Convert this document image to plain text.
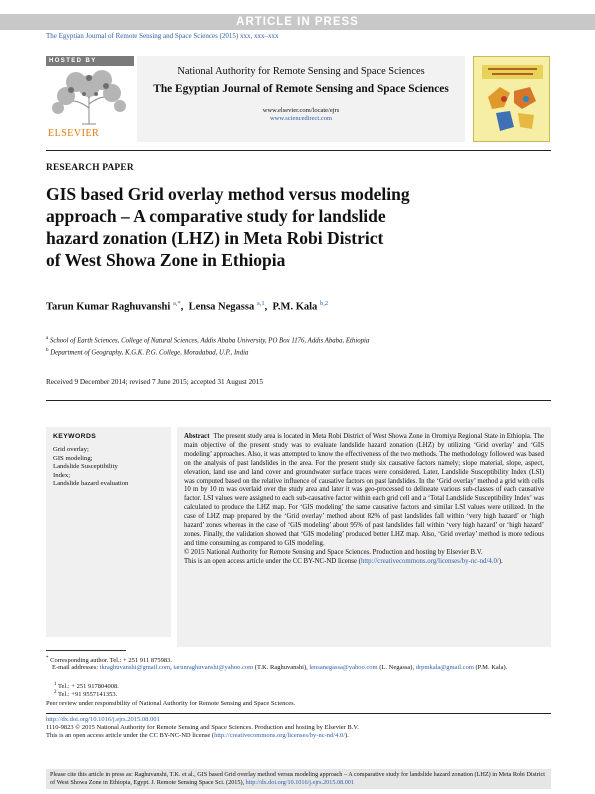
ARTICLE IN PRESS
The Egyptian Journal of Remote Sensing and Space Sciences (2015) xxx, xxx–xxx
HOSTED BY
ELSEVIER
National Authority for Remote Sensing and Space Sciences
The Egyptian Journal of Remote Sensing and Space Sciences
www.elsevier.com/locate/ejrs
www.sciencedirect.com
RESEARCH PAPER
GIS based Grid overlay method versus modeling
approach – A comparative study for landslide
hazard zonation (LHZ) in Meta Robi District
of West Showa Zone in Ethiopia
Tarun Kumar Raghuvanshi $^{a,*}$,  Lensa Negassa $^{a,1}$,  P.M. Kala $^{b,2}$
$^a$ School of Earth Sciences, College of Natural Sciences, Addis Ababa University, PO Box 1176, Addis Ababa, Ethiopia
$^b$ Department of Geography, K.G.K. P.G. College, Moradabad, U.P., India
Received 9 December 2014; revised 7 June 2015; accepted 31 August 2015
KEYWORDS
Grid overlay;
GIS modeling;
Landslide Susceptibility
Index;
Landslide hazard evaluation
Abstract The present study area is located in Meta Robi District of West Showa Zone in Oromiya Regional State in Ethiopia. The main objective of the present study was to evaluate landslide hazard zonation (LHZ) by utilizing ‘Grid overlay’ and ‘GIS modeling’ approaches. Also, it was attempted to know the effectiveness of the two methods. The methodology followed was based on the analysis of past landslides in the area. For the present study six causative factors namely; slope material, slope, aspect, elevation, land use and land cover and groundwater surface traces were considered. Later, Landslide Susceptibility Index (LSI) was computed based on the relative influence of causative factors on past landslides. In the ‘Grid overlay’ method a grid with cells 10 m by 10 m was overlaid over the study area and later it was geo-processed to delineate various sub-classes of each causative factor. LSI values were assigned to each sub-causative factor within each grid cell and a ‘Total Landslide Susceptibility Index’ was calculated to produce the LHZ map. For ‘GIS modeling’ the same causative factors and similar LSI values were utilized. In the case of LHZ map prepared by the ‘Grid overlay’ method about 82% of past landslides fall within ‘very high hazard’ or ‘high hazard’ zones whereas in the case of ‘GIS modeling’ about 95% of past landslides fall within ‘very high hazard’ or ‘high hazard’ zones. Finally, the validation showed that ‘GIS modeling’ produced better LHZ map. Also, ‘Grid overlay’ method is more tedious and time consuming as compared to GIS modeling.
© 2015 National Authority for Remote Sensing and Space Sciences. Production and hosting by Elsevier B.V.
This is an open access article under the CC BY-NC-ND license (http://creativecommons.org/licenses/by-nc-nd/4.0/).
* Corresponding author. Tel.: + 251 911 875983.
E-mail addresses: tkraghuvanshi@gmail.com, tarunraghuvanshi@yahoo.com (T.K. Raghuvanshi), lensanegassa@yahoo.com (L. Negassa), drpmkala@gmail.com (P.M. Kala).
$^1$ Tel.: + 251 917804008.
$^2$ Tel.: +91 9557141353.
Peer review under responsibility of National Authority for Remote Sensing and Space Sciences.
http://dx.doi.org/10.1016/j.ejrs.2015.08.001
1110-9823 © 2015 National Authority for Remote Sensing and Space Sciences. Production and hosting by Elsevier B.V.
This is an open access article under the CC BY-NC-ND license (http://creativecommons.org/licenses/by-nc-nd/4.0/).
Please cite this article in press as: Raghuvanshi, T.K. et al., GIS based Grid overlay method versus modeling approach – A comparative study for landslide hazard zonation (LHZ) in Meta Robi District of West Showa Zone in Ethiopia, Egypt. J. Remote Sensing Space Sci. (2015), http://dx.doi.org/10.1016/j.ejrs.2015.08.001
